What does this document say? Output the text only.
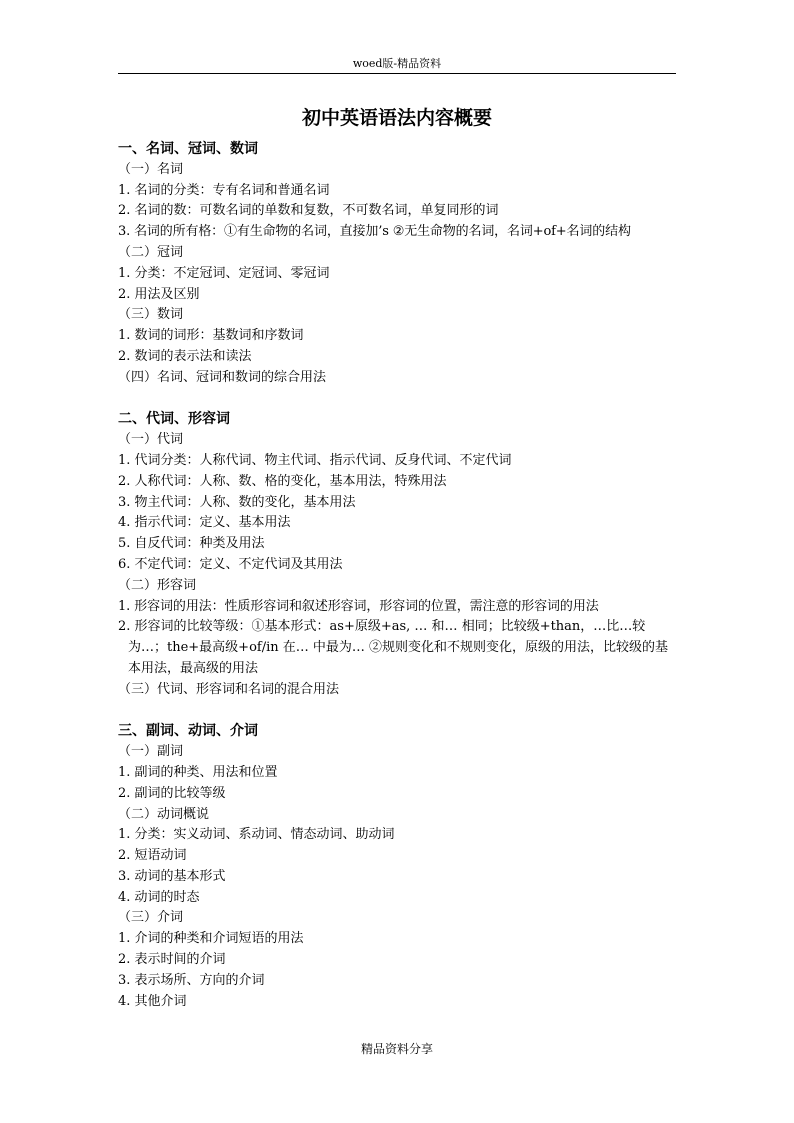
woed版-精品资料
初中英语语法内容概要
一、名词、冠词、数词
（一）名词
1. 名词的分类：专有名词和普通名词
2. 名词的数：可数名词的单数和复数，不可数名词，单复同形的词
3. 名词的所有格：①有生命物的名词，直接加’s ②无生命物的名词，名词+of+名词的结构
（二）冠词
1. 分类：不定冠词、定冠词、零冠词
2. 用法及区别
（三）数词
1. 数词的词形：基数词和序数词
2. 数词的表示法和读法
（四）名词、冠词和数词的综合用法
二、代词、形容词
（一）代词
1. 代词分类：人称代词、物主代词、指示代词、反身代词、不定代词
2. 人称代词：人称、数、格的变化，基本用法，特殊用法
3. 物主代词：人称、数的变化，基本用法
4. 指示代词：定义、基本用法
5. 自反代词：种类及用法
6. 不定代词：定义、不定代词及其用法
（二）形容词
1. 形容词的用法：性质形容词和叙述形容词，形容词的位置，需注意的形容词的用法
2. 形容词的比较等级：①基本形式：as+原级+as, … 和… 相同；比较级+than，…比…较为…；the+最高级+of/in 在… 中最为… ②规则变化和不规则变化，原级的用法，比较级的基本用法，最高级的用法
（三）代词、形容词和名词的混合用法
三、副词、动词、介词
（一）副词
1. 副词的种类、用法和位置
2. 副词的比较等级
（二）动词概说
1. 分类：实义动词、系动词、情态动词、助动词
2. 短语动词
3. 动词的基本形式
4. 动词的时态
（三）介词
1. 介词的种类和介词短语的用法
2. 表示时间的介词
3. 表示场所、方向的介词
4. 其他介词
精品资料分享
